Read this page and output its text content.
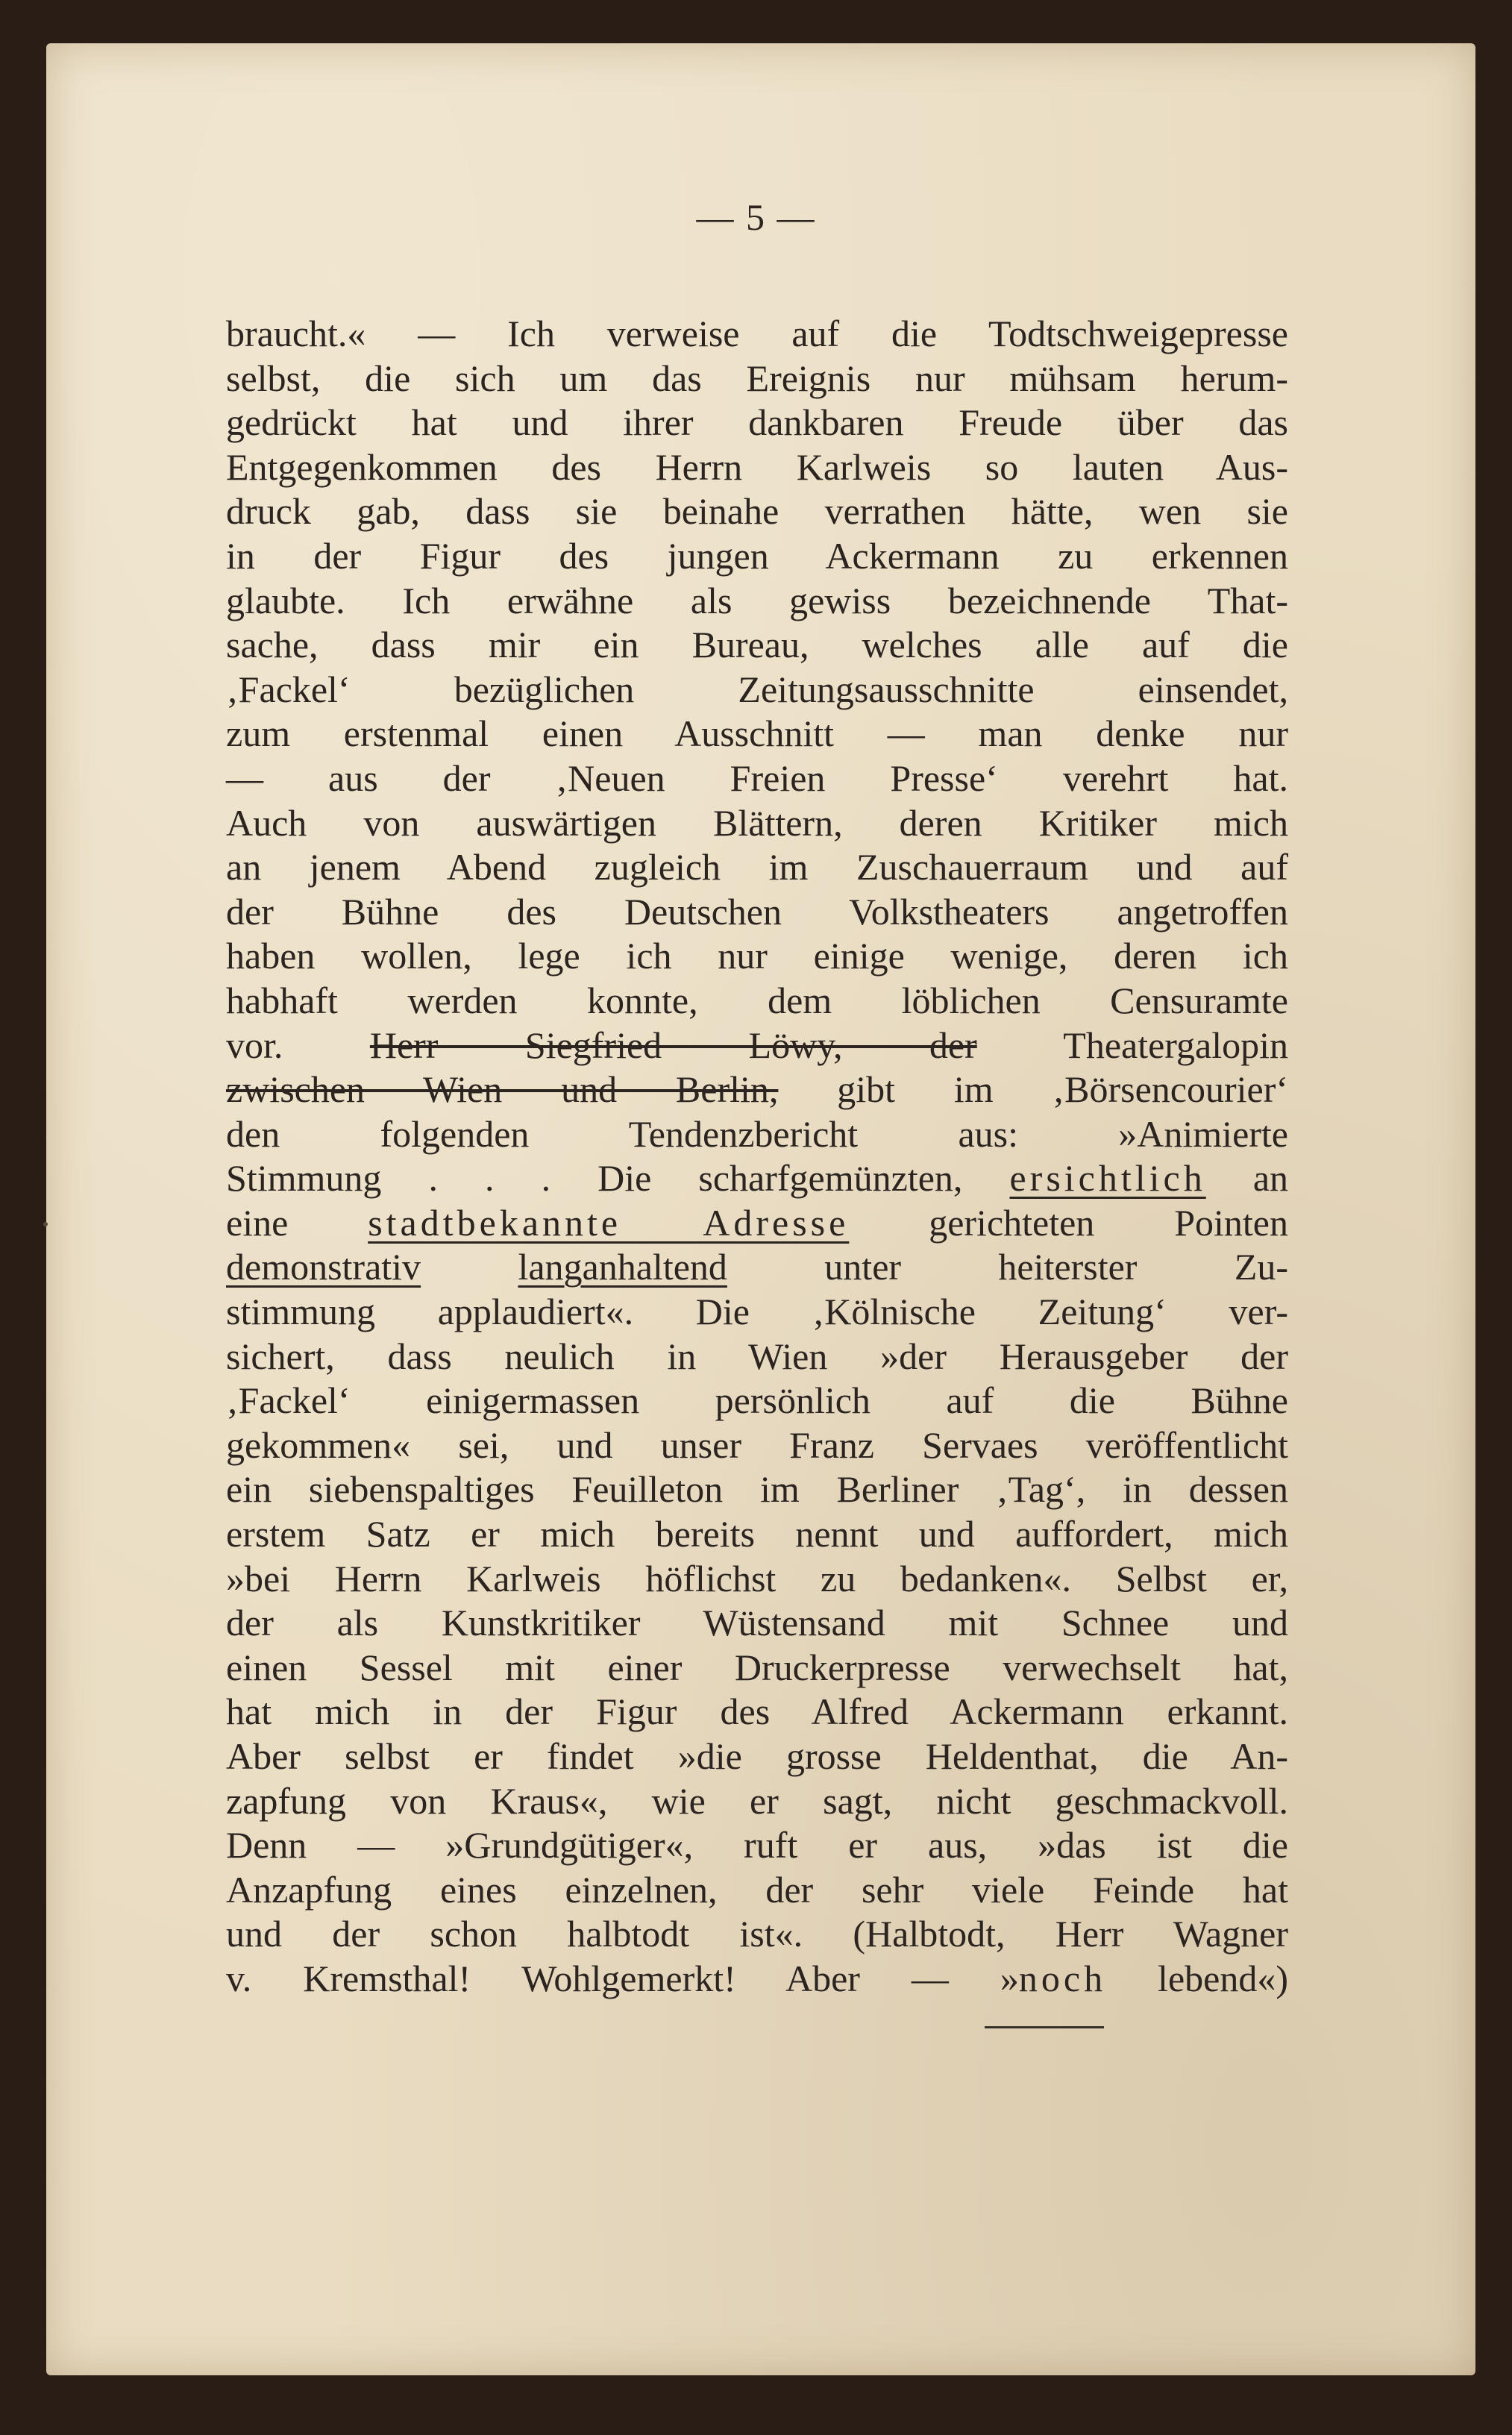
— 5 —
braucht.« — Ich verweise auf die Todtschweigepresse
selbst, die sich um das Ereignis nur mühsam herum-
gedrückt hat und ihrer dankbaren Freude über das
Entgegenkommen des Herrn Karlweis so lauten Aus-
druck gab, dass sie beinahe verrathen hätte, wen sie
in der Figur des jungen Ackermann zu erkennen
glaubte. Ich erwähne als gewiss bezeichnende That-
sache, dass mir ein Bureau, welches alle auf die
‚Fackel‘ bezüglichen Zeitungsausschnitte einsendet,
zum erstenmal einen Ausschnitt — man denke nur
— aus der ‚Neuen Freien Presse‘ verehrt hat.
Auch von auswärtigen Blättern, deren Kritiker mich
an jenem Abend zugleich im Zuschauerraum und auf
der Bühne des Deutschen Volkstheaters angetroffen
haben wollen, lege ich nur einige wenige, deren ich
habhaft werden konnte, dem löblichen Censuramte
vor. Herr Siegfried Löwy, der Theatergalopin
zwischen Wien und Berlin, gibt im ‚Börsencourier‘
den folgenden Tendenzbericht aus: »Animierte
Stimmung . . . Die scharfgemünzten, ersichtlich an
eine stadtbekannte Adresse gerichteten Pointen
demonstrativ	langanhaltend	unter heiterster Zu-
stimmung applaudiert«. Die ‚Kölnische Zeitung‘ ver-
sichert, dass neulich in Wien »der Herausgeber der
‚Fackel‘ einigermassen persönlich auf die Bühne
gekommen« sei, und unser Franz Servaes veröffentlicht
ein siebenspaltiges Feuilleton im Berliner ‚Tag‘, in dessen
erstem Satz er mich bereits nennt und auffordert, mich
»bei Herrn Karlweis höflichst zu bedanken«. Selbst er,
der als Kunstkritiker Wüstensand mit Schnee und
einen Sessel mit einer Druckerpresse verwechselt hat,
hat mich in der Figur des Alfred Ackermann erkannt.
Aber selbst er findet »die grosse Heldenthat, die An-
zapfung von Kraus«, wie er sagt, nicht geschmackvoll.
Denn — »Grundgütiger«, ruft er aus, »das ist die
Anzapfung eines einzelnen, der sehr viele Feinde hat
und der schon halbtodt ist«. (Halbtodt, Herr Wagner
v. Kremsthal! Wohlgemerkt! Aber — »noch lebend«)
